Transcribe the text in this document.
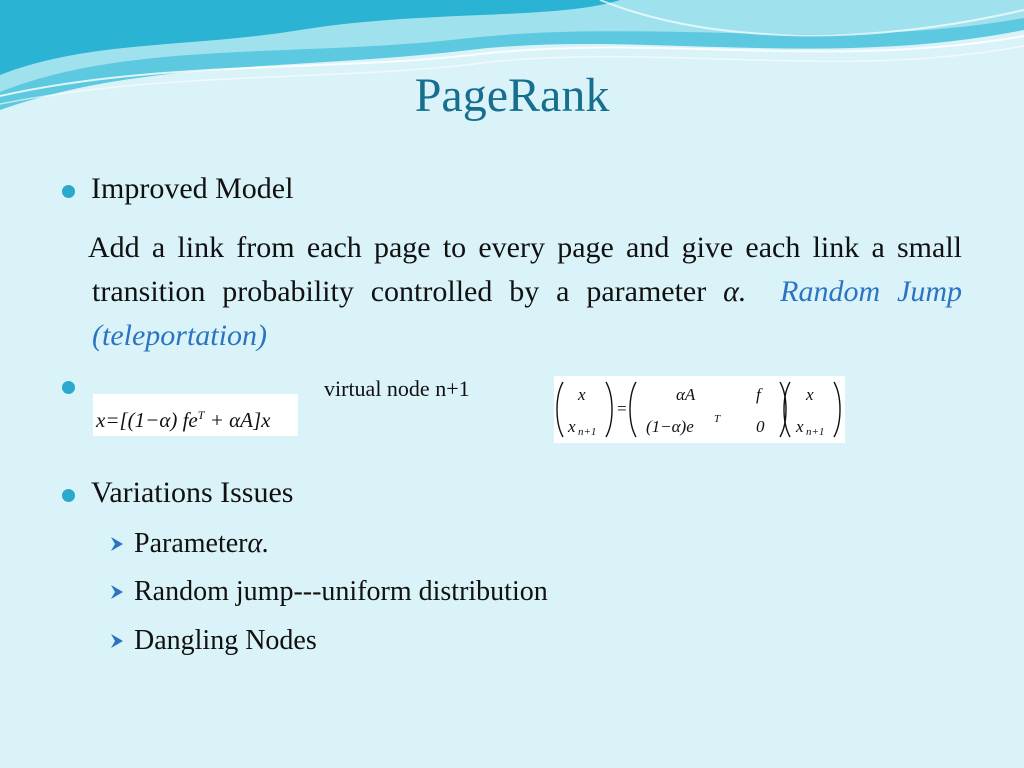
PageRank
Improved Model
Add a link from each page to every page and give each link a small transition probability controlled by a parameter α. Random Jump (teleportation)
x=[(1−α) $fe^T + \alpha A]x$
virtual node n+1	x
x n+1
=
αA	f
(1−α)e T 0
x
x n+1
Variations Issues
Parameter α.
Random jump---uniform distribution
Dangling Nodes
